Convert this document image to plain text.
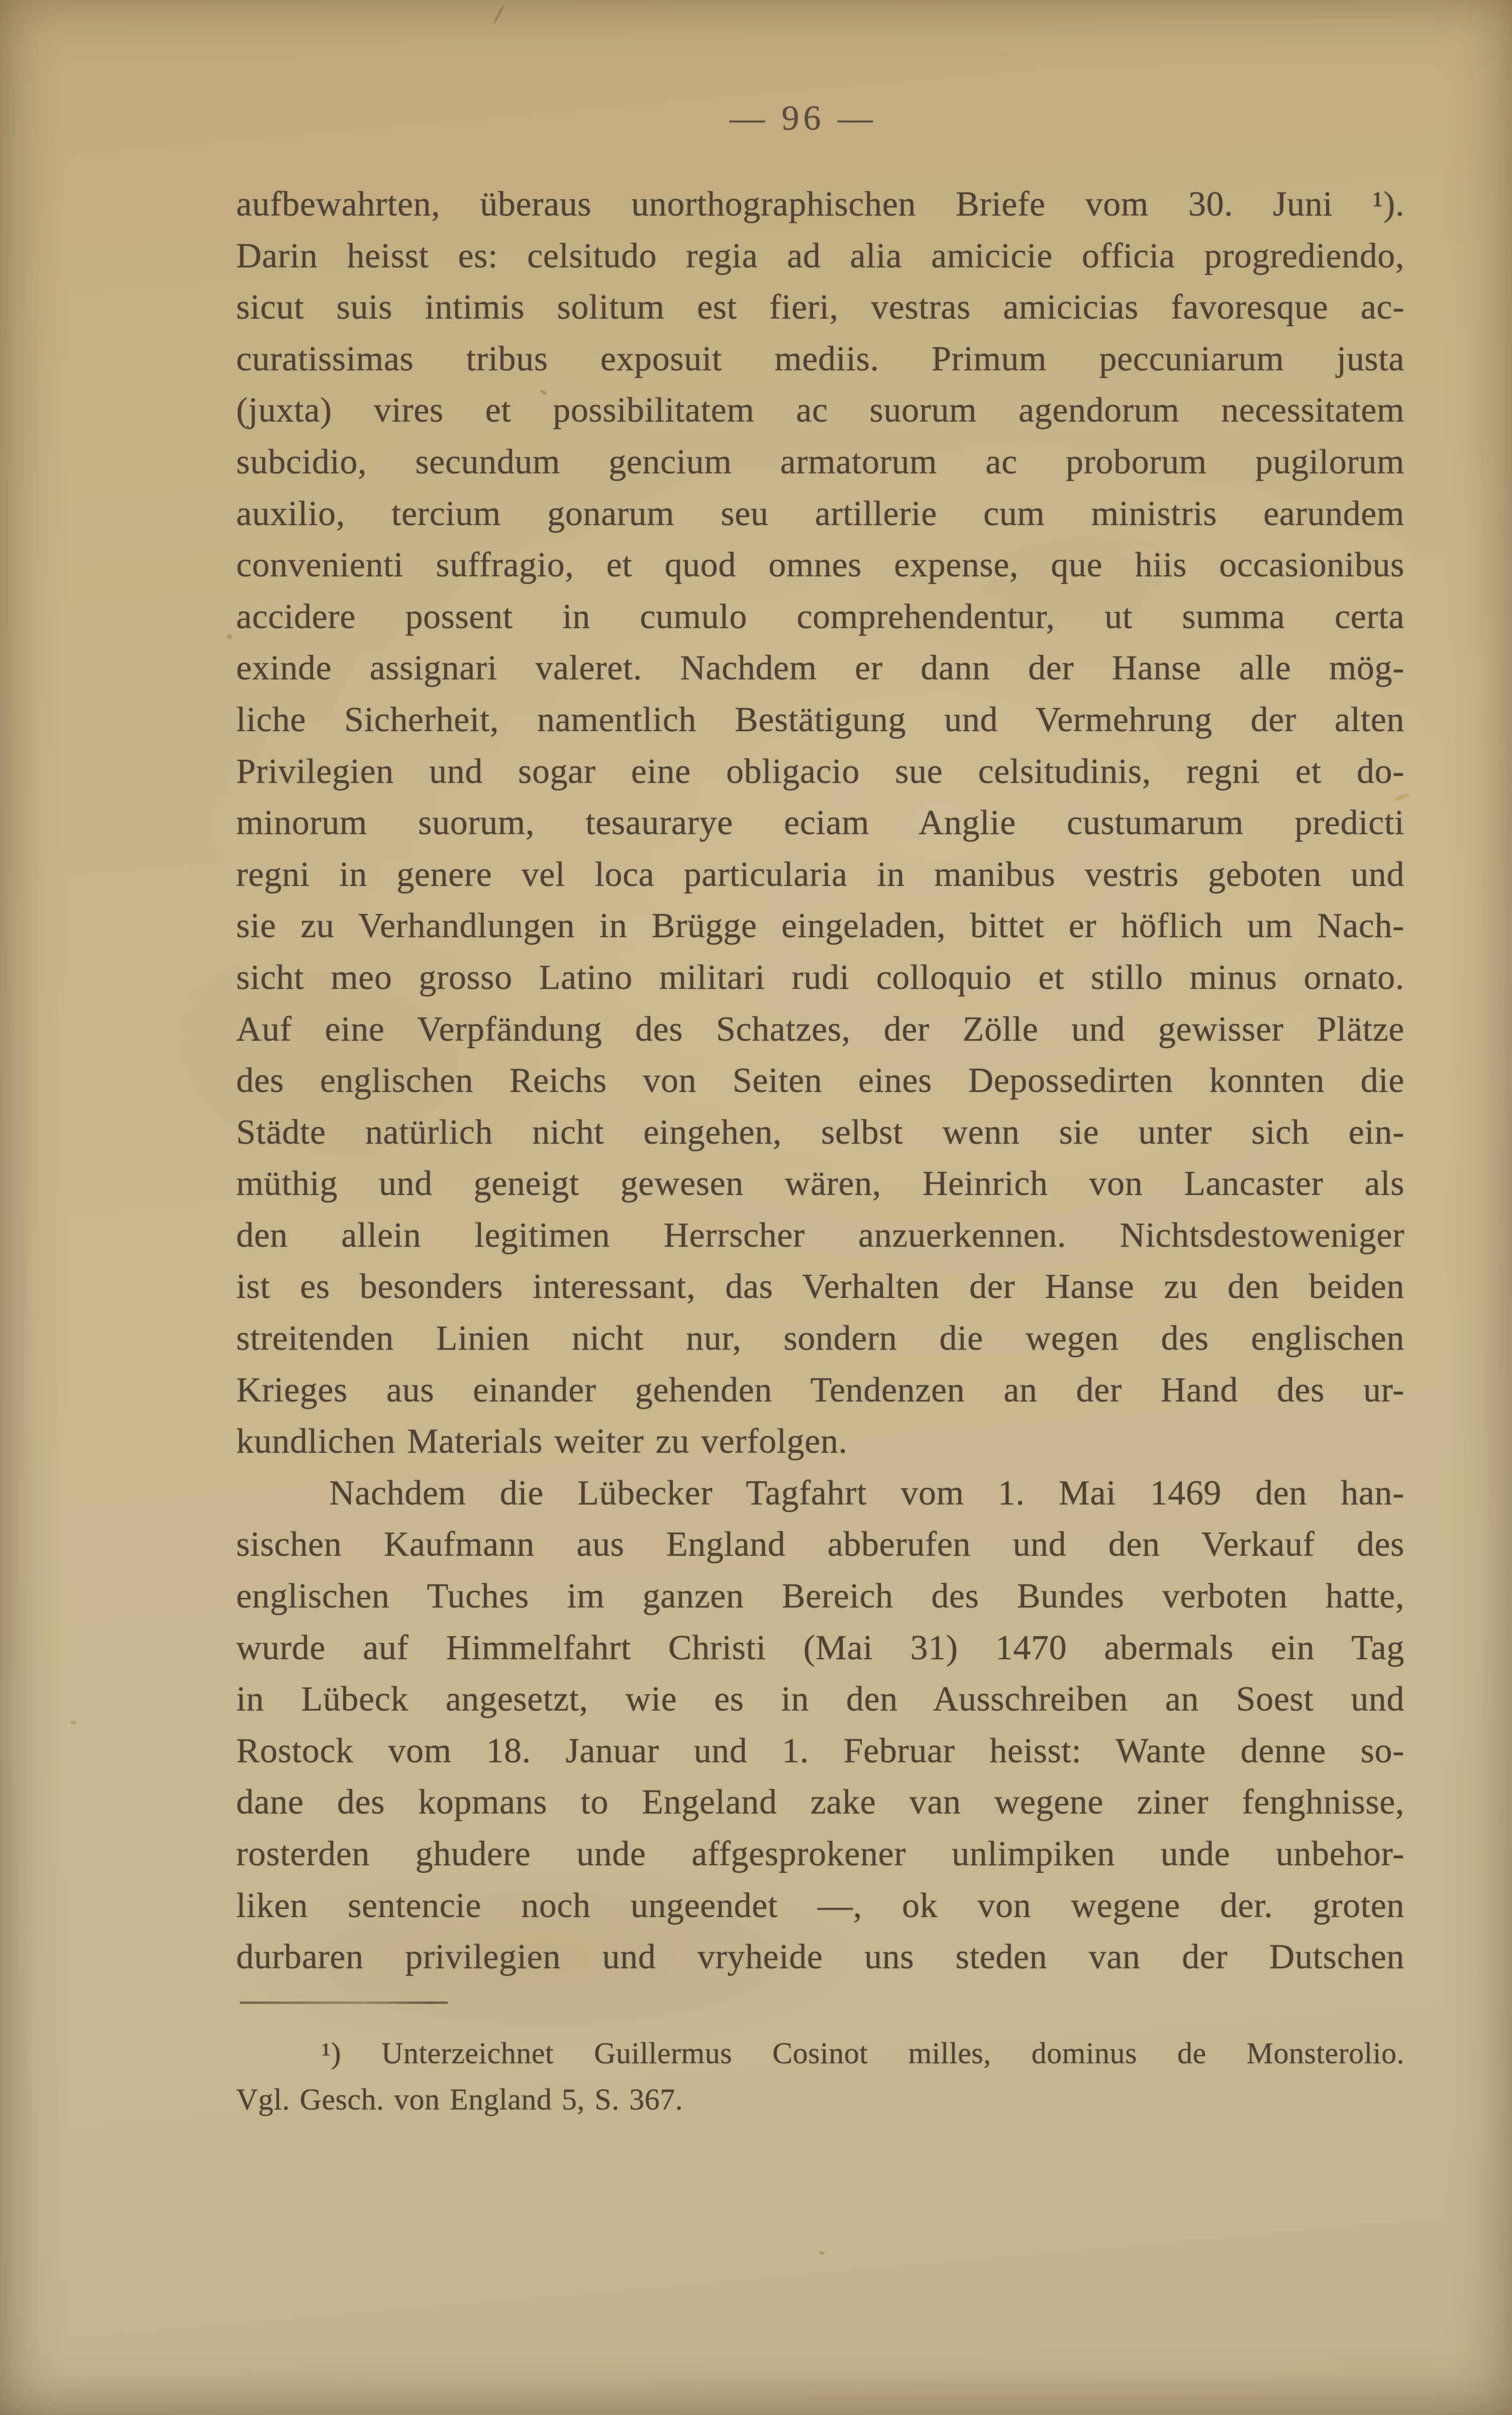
— 96 —
aufbewahrten, überaus unorthographischen Briefe vom 30. Juni ¹).
Darin heisst es: celsitudo regia ad alia amicicie officia progrediendo,
sicut suis intimis solitum est fieri, vestras amicicias favoresque ac-
curatissimas tribus exposuit mediis. Primum peccuniarum justa
(juxta) vires et possibilitatem ac suorum agendorum necessitatem
subcidio, secundum gencium armatorum ac proborum pugilorum
auxilio, tercium gonarum seu artillerie cum ministris earundem
convenienti suffragio, et quod omnes expense, que hiis occasionibus
accidere possent in cumulo comprehendentur, ut summa certa
exinde assignari valeret. Nachdem er dann der Hanse alle mög-
liche Sicherheit, namentlich Bestätigung und Vermehrung der alten
Privilegien und sogar eine obligacio sue celsitudinis, regni et do-
minorum suorum, tesaurarye eciam Anglie custumarum predicti
regni in genere vel loca particularia in manibus vestris geboten und
sie zu Verhandlungen in Brügge eingeladen, bittet er höflich um Nach-
sicht meo grosso Latino militari rudi colloquio et stillo minus ornato.
Auf eine Verpfändung des Schatzes, der Zölle und gewisser Plätze
des englischen Reichs von Seiten eines Depossedirten konnten die
Städte natürlich nicht eingehen, selbst wenn sie unter sich ein-
müthig und geneigt gewesen wären, Heinrich von Lancaster als
den allein legitimen Herrscher anzuerkennen. Nichtsdestoweniger
ist es besonders interessant, das Verhalten der Hanse zu den beiden
streitenden Linien nicht nur, sondern die wegen des englischen
Krieges aus einander gehenden Tendenzen an der Hand des ur-
kundlichen Materials weiter zu verfolgen.
Nachdem die Lübecker Tagfahrt vom 1. Mai 1469 den han-
sischen Kaufmann aus England abberufen und den Verkauf des
englischen Tuches im ganzen Bereich des Bundes verboten hatte,
wurde auf Himmelfahrt Christi (Mai 31) 1470 abermals ein Tag
in Lübeck angesetzt, wie es in den Ausschreiben an Soest und
Rostock vom 18. Januar und 1. Februar heisst: Wante denne so-
dane des kopmans to Engeland zake van wegene ziner fenghnisse,
rosterden ghudere unde affgesprokener unlimpiken unde unbehor-
liken sentencie noch ungeendet —, ok von wegene der. groten
durbaren privilegien und vryheide uns steden van der Dutschen
¹) Unterzeichnet Guillermus Cosinot milles, dominus de Monsterolio.
Vgl. Gesch. von England 5, S. 367.
